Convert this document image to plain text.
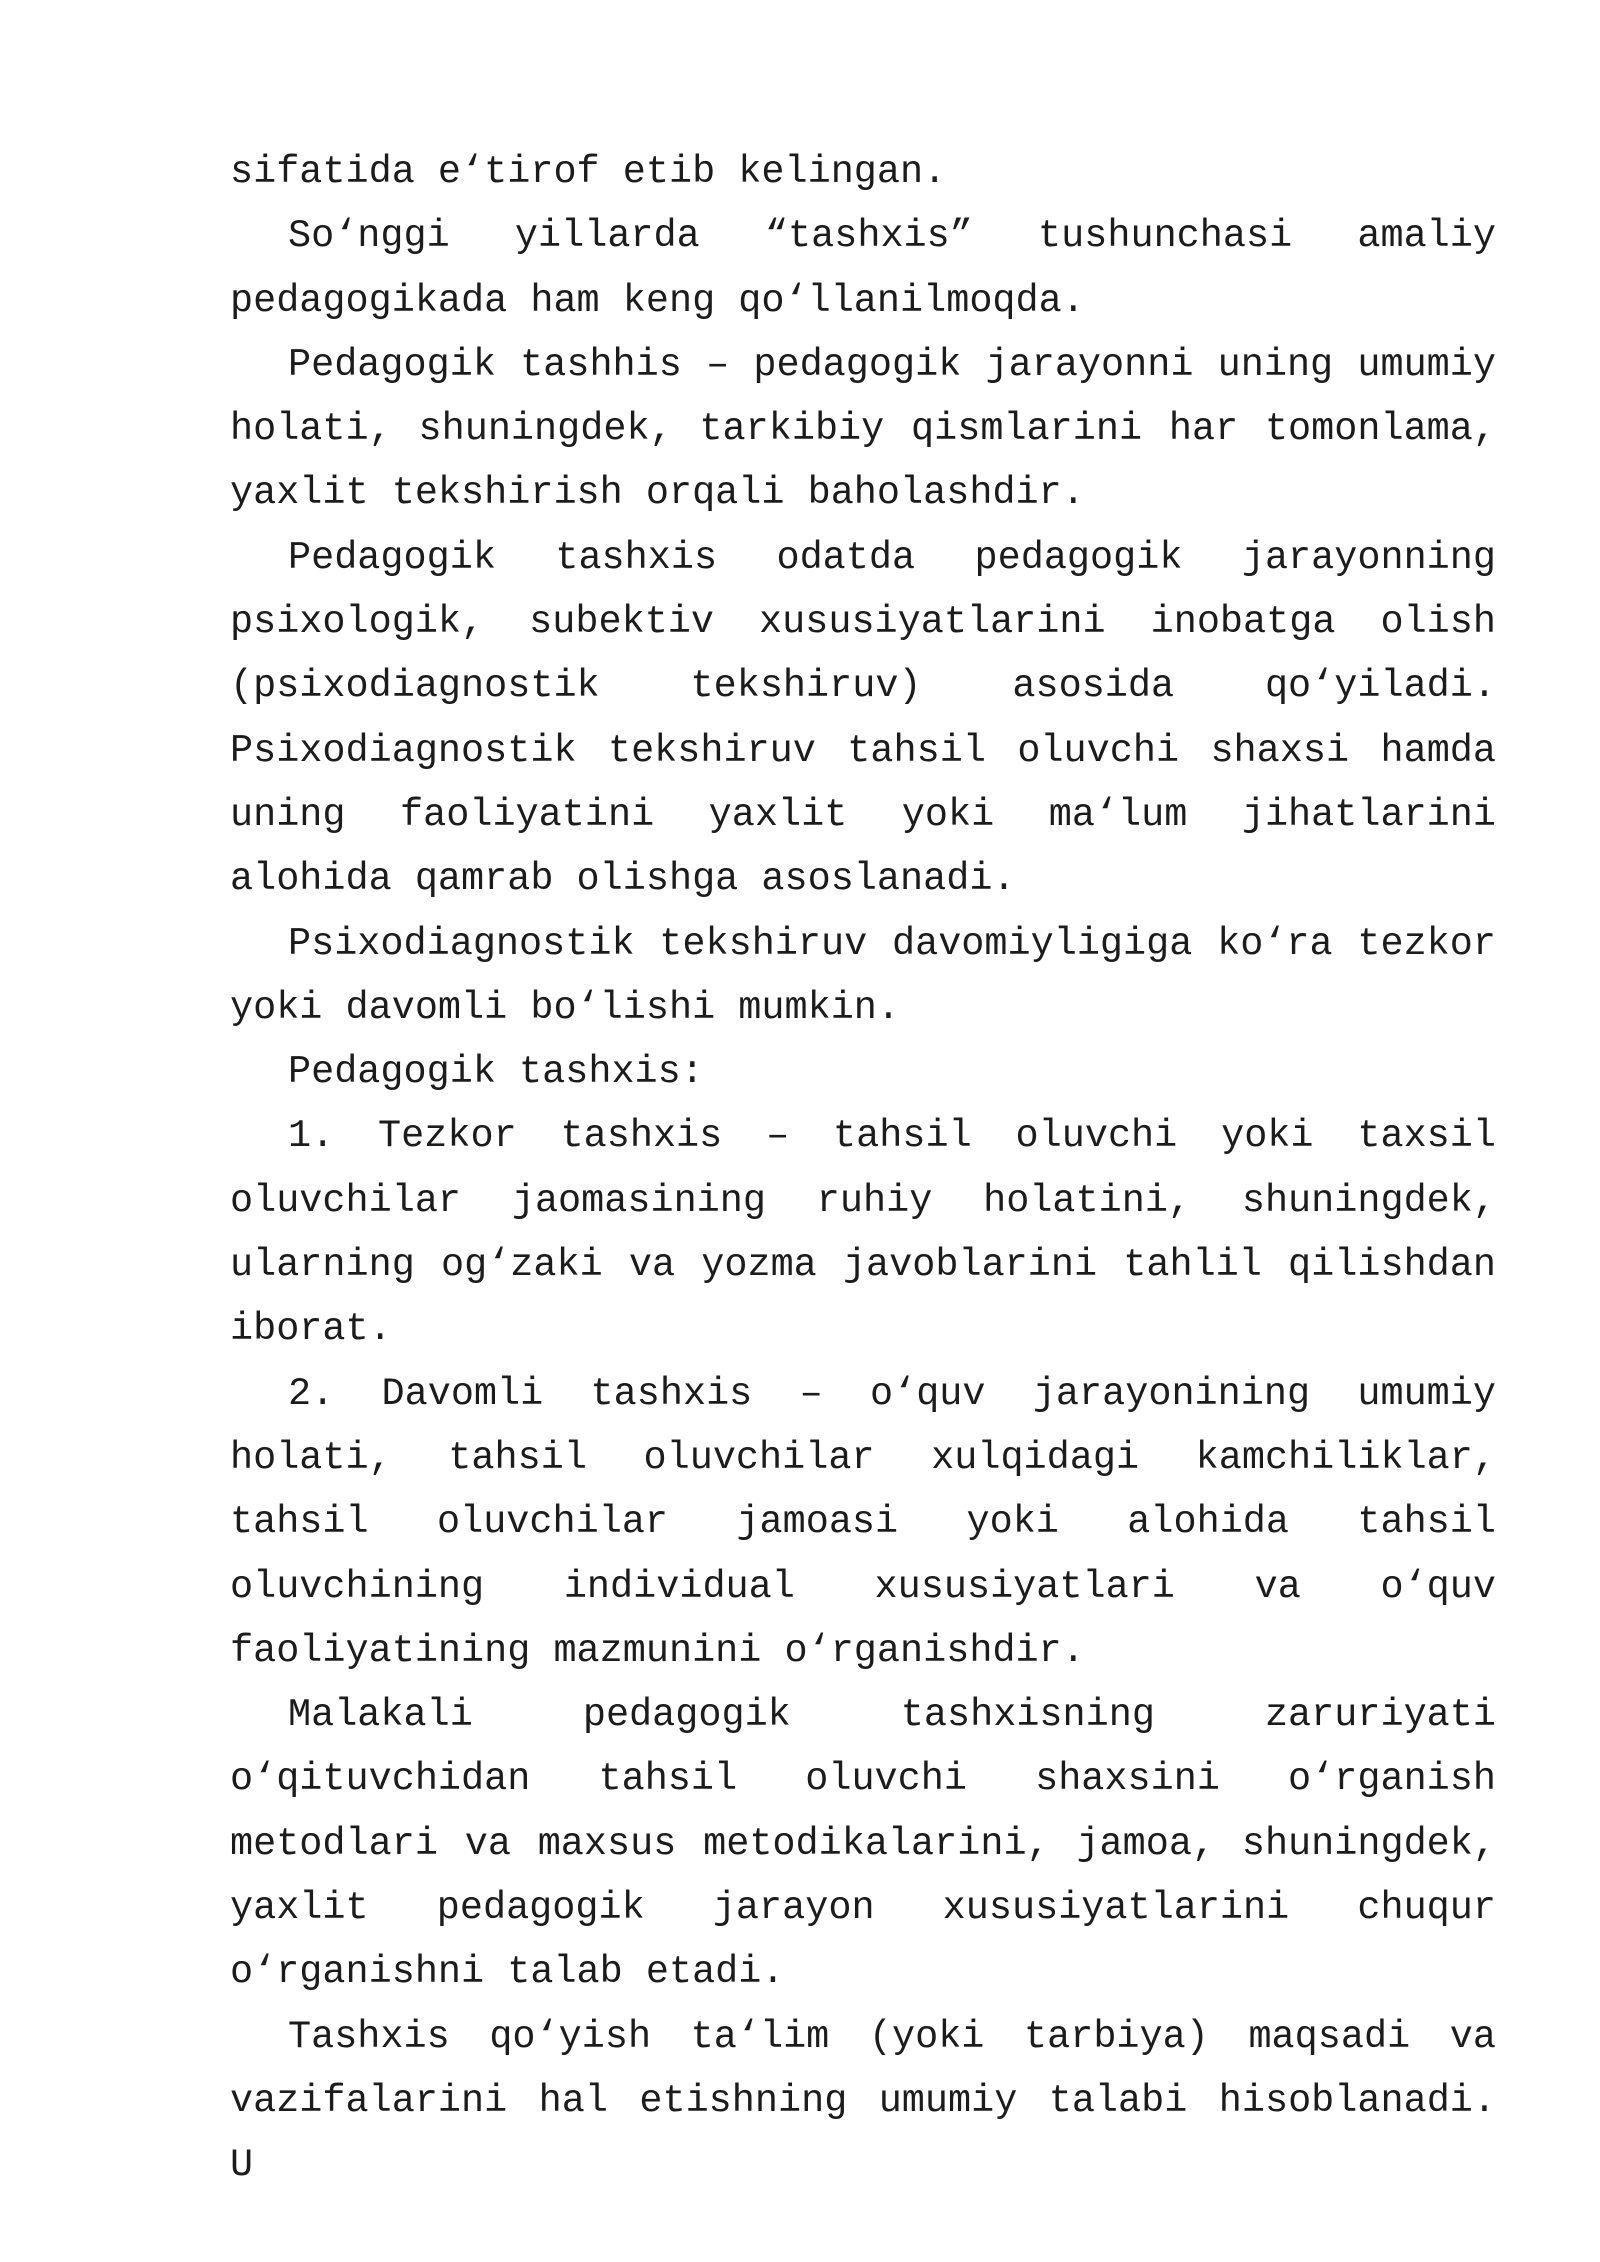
sifatida e‘tirof etib kelingan.

So‘nggi yillarda “tashxis” tushunchasi amaliy pedagogikada ham keng qo‘llanilmoqda.

Pedagogik tashhis – pedagogik jarayonni uning umumiy holati, shuningdek, tarkibiy qismlarini har tomonlama, yaxlit tekshirish orqali baholashdir.

Pedagogik tashxis odatda pedagogik jarayonning psixologik, subektiv xususiyatlarini inobatga olish (psixodiagnostik tekshiruv) asosida qo‘yiladi. Psixodiagnostik tekshiruv tahsil oluvchi shaxsi hamda uning faoliyatini yaxlit yoki ma‘lum jihatlarini alohida qamrab olishga asoslanadi.

Psixodiagnostik tekshiruv davomiyligiga ko‘ra tezkor yoki davomli bo‘lishi mumkin.

Pedagogik tashxis:

1. Tezkor tashxis – tahsil oluvchi yoki taxsil oluvchilar jaomasining ruhiy holatini, shuningdek, ularning og‘zaki va yozma javoblarini tahlil qilishdan iborat.

2. Davomli tashxis – o‘quv jarayonining umumiy holati, tahsil oluvchilar xulqidagi kamchiliklar, tahsil oluvchilar jamoasi yoki alohida tahsil oluvchining individual xususiyatlari va o‘quv faoliyatining mazmunini o‘rganishdir.

Malakali pedagogik tashxisning zaruriyati o‘qituvchidan tahsil oluvchi shaxsini o‘rganish metodlari va maxsus metodikalarini, jamoa, shuningdek, yaxlit pedagogik jarayon xususiyatlarini chuqur o‘rganishni talab etadi.

Tashxis qo‘yish ta‘lim (yoki tarbiya) maqsadi va vazifalarini hal etishning umumiy talabi hisoblanadi. U
